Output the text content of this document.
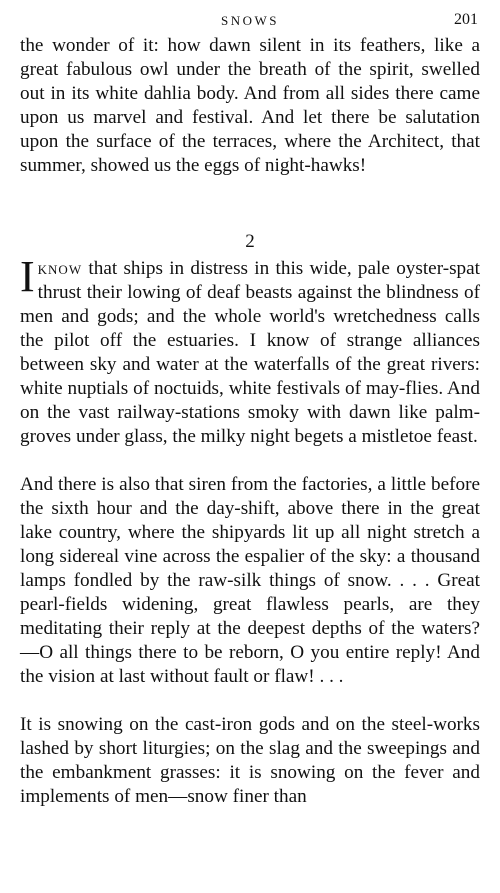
SNOWS	201

the wonder of it: how dawn silent in its feathers, like a great fabulous owl under the breath of the spirit, swelled out in its white dahlia body. And from all sides there came upon us marvel and festival. And let there be salutation upon the surface of the terraces, where the Architect, that summer, showed us the eggs of night-hawks!

2

Iknow that ships in distress in this wide, pale oyster-spat thrust their lowing of deaf beasts against the blindness of men and gods; and the whole world's wretchedness calls the pilot off the estuaries. I know of strange alliances between sky and water at the waterfalls of the great rivers: white nuptials of noctuids, white festivals of may-flies. And on the vast railway-stations smoky with dawn like palm-groves under glass, the milky night begets a mistletoe feast.

And there is also that siren from the factories, a little before the sixth hour and the day-shift, above there in the great lake country, where the shipyards lit up all night stretch a long sidereal vine across the espalier of the sky: a thousand lamps fondled by the raw-silk things of snow. . . . Great pearl-fields widening, great flawless pearls, are they meditating their reply at the deepest depths of the waters?—O all things there to be reborn, O you entire reply! And the vision at last without fault or flaw! . . .

It is snowing on the cast-iron gods and on the steel-works lashed by short liturgies; on the slag and the sweepings and the embankment grasses: it is snowing on the fever and implements of men—snow finer than
